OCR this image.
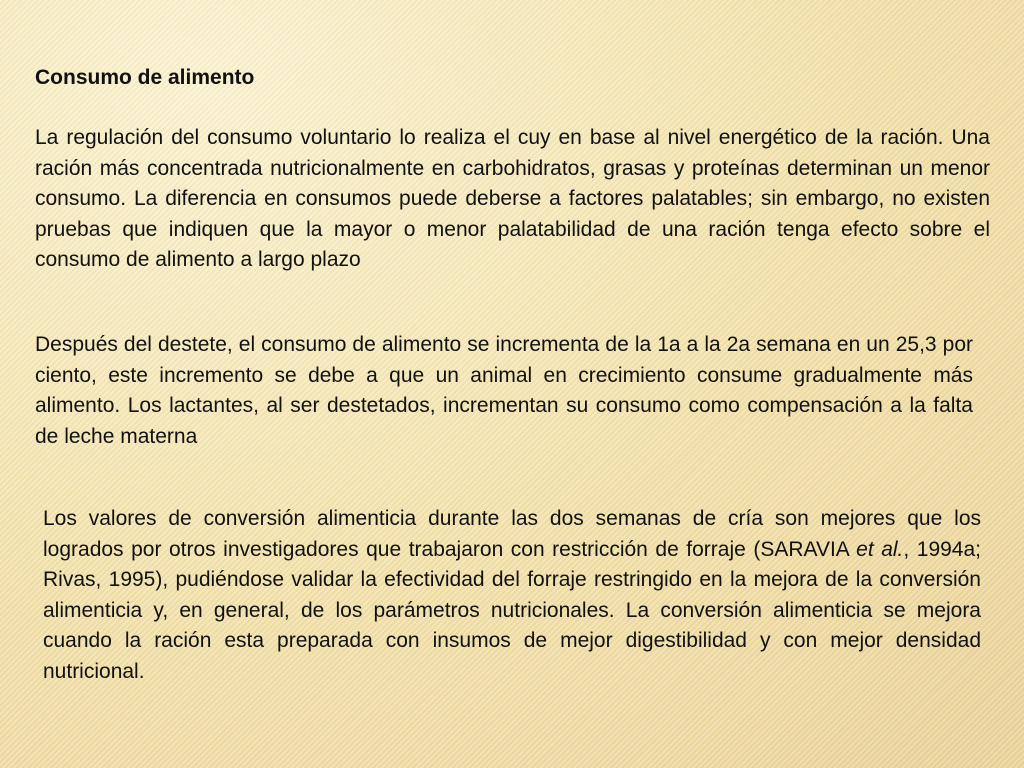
Consumo de alimento

La regulación del consumo voluntario lo realiza el cuy en base al nivel energético de la ración. Una ración más concentrada nutricionalmente en carbohidratos, grasas y proteínas determinan un menor consumo. La diferencia en consumos puede deberse a factores palatables; sin embargo, no existen pruebas que indiquen que la mayor o menor palatabilidad de una ración tenga efecto sobre el consumo de alimento a largo plazo

Después del destete, el consumo de alimento se incrementa de la 1a a la 2a semana en un 25,3 por ciento, este incremento se debe a que un animal en crecimiento consume gradualmente más alimento. Los lactantes, al ser destetados, incrementan su consumo como compensación a la falta de leche materna

Los valores de conversión alimenticia durante las dos semanas de cría son mejores que los logrados por otros investigadores que trabajaron con restricción de forraje (SARAVIA et al., 1994a; Rivas, 1995), pudiéndose validar la efectividad del forraje restringido en la mejora de la conversión alimenticia y, en general, de los parámetros nutricionales. La conversión alimenticia se mejora cuando la ración esta preparada con insumos de mejor digestibilidad y con mejor densidad nutricional.
